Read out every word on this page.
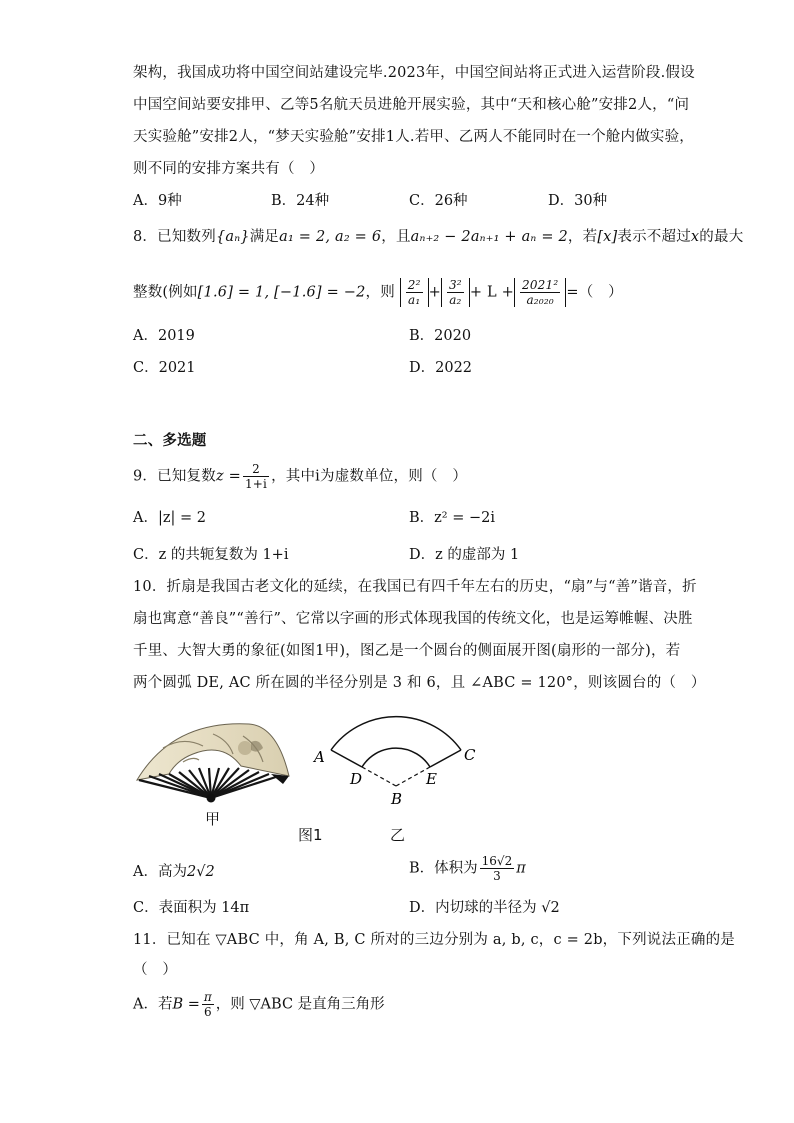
架构，我国成功将中国空间站建设完毕.2023年，中国空间站将正式进入运营阶段.假设
中国空间站要安排甲、乙等5名航天员进舱开展实验，其中“天和核心舱”安排2人，“问
天实验舱”安排2人，“梦天实验舱”安排1人.若甲、乙两人不能同时在一个舱内做实验，
则不同的安排方案共有（　）
A．9种	B．24种	C．26种	D．30种
8．已知数列{aₙ}满足a₁ = 2, a₂ = 6，且aₙ₊₂ − 2aₙ₊₁ + aₙ = 2，若[x]表示不超过x的最大
整数(例如[1.6] = 1, [−1.6] = −2，则 $\frac{\text{2²}}{\text{a₁}} + \frac{\text{3²}}{\text{a₂}} + L + \frac{\text{2021²}}{\text{a₂₀₂₀}}$ =（　）
A．2019	B．2020
C．2021	D．2022
二、多选题
9．已知复数$z = \frac{2}{1+i}$ ，其中i为虚数单位，则（　）
A．|z| = 2	B．z² = −2i
C．z 的共轭复数为 1+i	D．z 的虚部为 1
10．折扇是我国古老文化的延续，在我国已有四千年左右的历史，“扇”与“善”谐音，折
扇也寓意“善良”“善行”、它常以字画的形式体现我国的传统文化，也是运筹帷幄、决胜
千里、大智大勇的象征(如图1甲)，图乙是一个圆台的侧面展开图(扇形的一部分)，若
两个圆弧 DE, AC 所在圆的半径分别是 3 和 6，且 ∠ABC = 120°，则该圆台的（　）
甲
A	C
D	E
B
图1	乙
A．高为2√2	B．体积为 $\frac{16√2}{3}$ π
C．表面积为 14π	D．内切球的半径为 √2
11．已知在 ▽ABC 中，角 A, B, C 所对的三边分别为 a, b, c，c = 2b，下列说法正确的是
（　）
A．若$B = \frac{\pi}{6}$ ，则 ▽ABC 是直角三角形
